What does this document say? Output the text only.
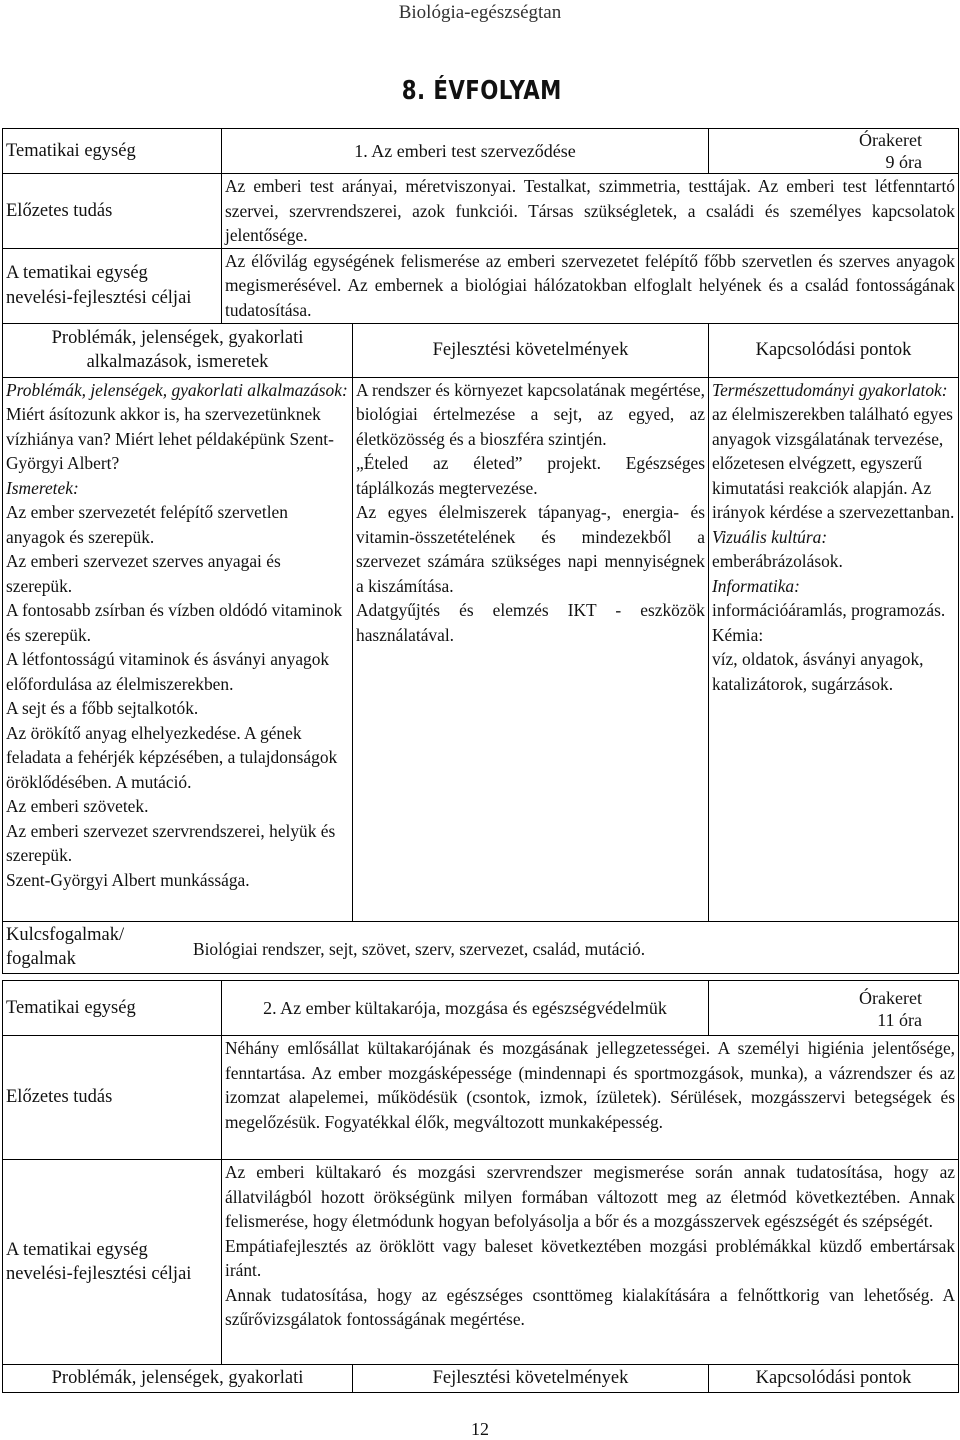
Biológia-egészségtan
8. ÉVFOLYAM
Tematikai egység	1. Az emberi test szerveződése	
Órakeret
9 óra

Előzetes tudás	Az emberi test arányai, méretviszonyai. Testalkat, szimmetria, testtájak. Az emberi test létfenntartó szervei, szervrendszerei, azok funkciói. Társas szükségletek, a családi és személyes kapcsolatok jelentősége.
A tematikai egység nevelési-fejlesztési céljai	Az élővilág egységének felismerése az emberi szervezetet felépítő főbb szervetlen és szerves anyagok megismerésével. Az embernek a biológiai hálózatokban elfoglalt helyének és a család fontosságának tudatosítása.
Problémák, jelenségek, gyakorlati alkalmazások, ismeretek	Fejlesztési követelmények	Kapcsolódási pontok

Problémák, jelenségek, gyakorlati alkalmazások:
Miért ásítozunk akkor is, ha szervezetünknek vízhiánya van? Miért lehet példaképünk Szent-Györgyi Albert?
Ismeretek:
Az ember szervezetét felépítő szervetlen anyagok és szerepük.
Az emberi szervezet szerves anyagai és szerepük.
A fontosabb zsírban és vízben oldódó vitaminok és szerepük.
A létfontosságú vitaminok és ásványi anyagok előfordulása az élelmiszerekben.
A sejt és a főbb sejtalkotók.
Az örökítő anyag elhelyezkedése. A gének feladata a fehérjék képzésében, a tulajdonságok öröklődésében. A mutáció.
Az emberi szövetek.
Az emberi szervezet szervrendszerei, helyük és szerepük.
Szent-Györgyi Albert munkássága.

A rendszer és környezet kapcsolatának megértése, biológiai értelmezése a sejt, az egyed, az életközösség és a bioszféra szintjén.
„Ételed az életed” projekt. Egészséges táplálkozás megtervezése.
Az egyes élelmiszerek tápanyag-, energia- és vitamin-összetételének és mindezekből a szervezet számára szükséges napi mennyiségnek a kiszámítása.
Adatgyűjtés és elemzés IKT - eszközök használatával.

Természettudományi gyakorlatok: az élelmiszerekben található egyes anyagok vizsgálatának tervezése, előzetesen elvégzett, egyszerű kimutatási reakciók alapján. Az irányok kérdése a szervezettanban.
Vizuális kultúra:
emberábrázolások.
Informatika:
információáramlás, programozás.
Kémia:
víz, oldatok, ásványi anyagok, katalizátorok, sugárzások.

Kulcsfogalmak/ fogalmak	Biológiai rendszer, sejt, szövet, szerv, szervezet, család, mutáció.
Tematikai egység	2. Az ember kültakarója, mozgása és egészségvédelmük		Órakeret
11 óra

Előzetes tudás	Néhány emlősállat kültakarójának és mozgásának jellegzetességei. A személyi higiénia jelentősége, fenntartása. Az ember mozgásképessége (mindennapi és sportmozgások, munka), a vázrendszer és az izomzat alapelemei, működésük (csontok, izmok, ízületek). Sérülések, mozgásszervi betegségek és megelőzésük. Fogyatékkal élők, megváltozott munkaképesség.		
A tematikai egység nevelési-fejlesztési céljai	Az emberi kültakaró és mozgási szervrendszer megismerése során annak tudatosítása, hogy az állatvilágból hozott örökségünk milyen formában változott meg az életmód következtében. Annak felismerése, hogy életmódunk hogyan befolyásolja a bőr és a mozgásszervek egészségét és szépségét.
Empátiafejlesztés az öröklött vagy baleset következtében mozgási problémákkal küzdő embertársak iránt.
Annak tudatosítása, hogy az egészséges csonttömeg kialakítására a felnőttkorig van lehetőség. A szűrővizsgálatok fontosságának megértése.		

Problémák, jelenségek, gyakorlati		Fejlesztési követelmények	Kapcsolódási pontok
12
